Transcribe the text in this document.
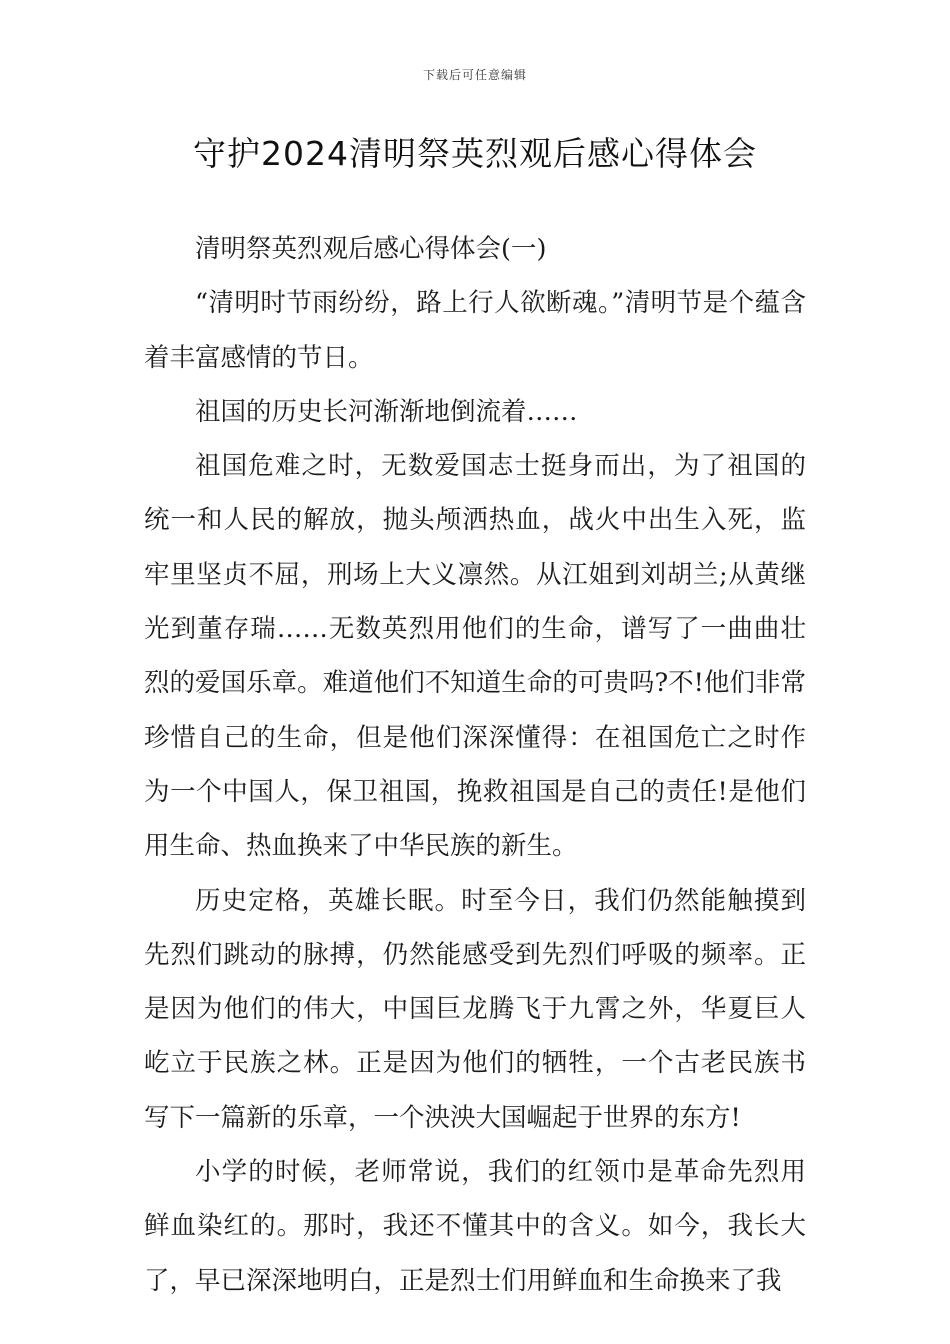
下载后可任意编辑
守护2024清明祭英烈观后感心得体会

清明祭英烈观后感心得体会(一)

“清明时节雨纷纷，路上行人欲断魂。”清明节是个蕴含着丰富感情的节日。

祖国的历史长河渐渐地倒流着……

祖国危难之时，无数爱国志士挺身而出，为了祖国的统一和人民的解放，抛头颅洒热血，战火中出生入死，监牢里坚贞不屈，刑场上大义凛然。从江姐到刘胡兰;从黄继光到董存瑞……无数英烈用他们的生命，谱写了一曲曲壮烈的爱国乐章。难道他们不知道生命的可贵吗?不!他们非常珍惜自己的生命，但是他们深深懂得：在祖国危亡之时作为一个中国人，保卫祖国，挽救祖国是自己的责任!是他们用生命、热血换来了中华民族的新生。

历史定格，英雄长眠。时至今日，我们仍然能触摸到先烈们跳动的脉搏，仍然能感受到先烈们呼吸的频率。正是因为他们的伟大，中国巨龙腾飞于九霄之外，华夏巨人屹立于民族之林。正是因为他们的牺牲，一个古老民族书写下一篇新的乐章，一个泱泱大国崛起于世界的东方!

小学的时候，老师常说，我们的红领巾是革命先烈用鲜血染红的。那时，我还不懂其中的含义。如今，我长大了，早已深深地明白，正是烈士们用鲜血和生命换来了我
